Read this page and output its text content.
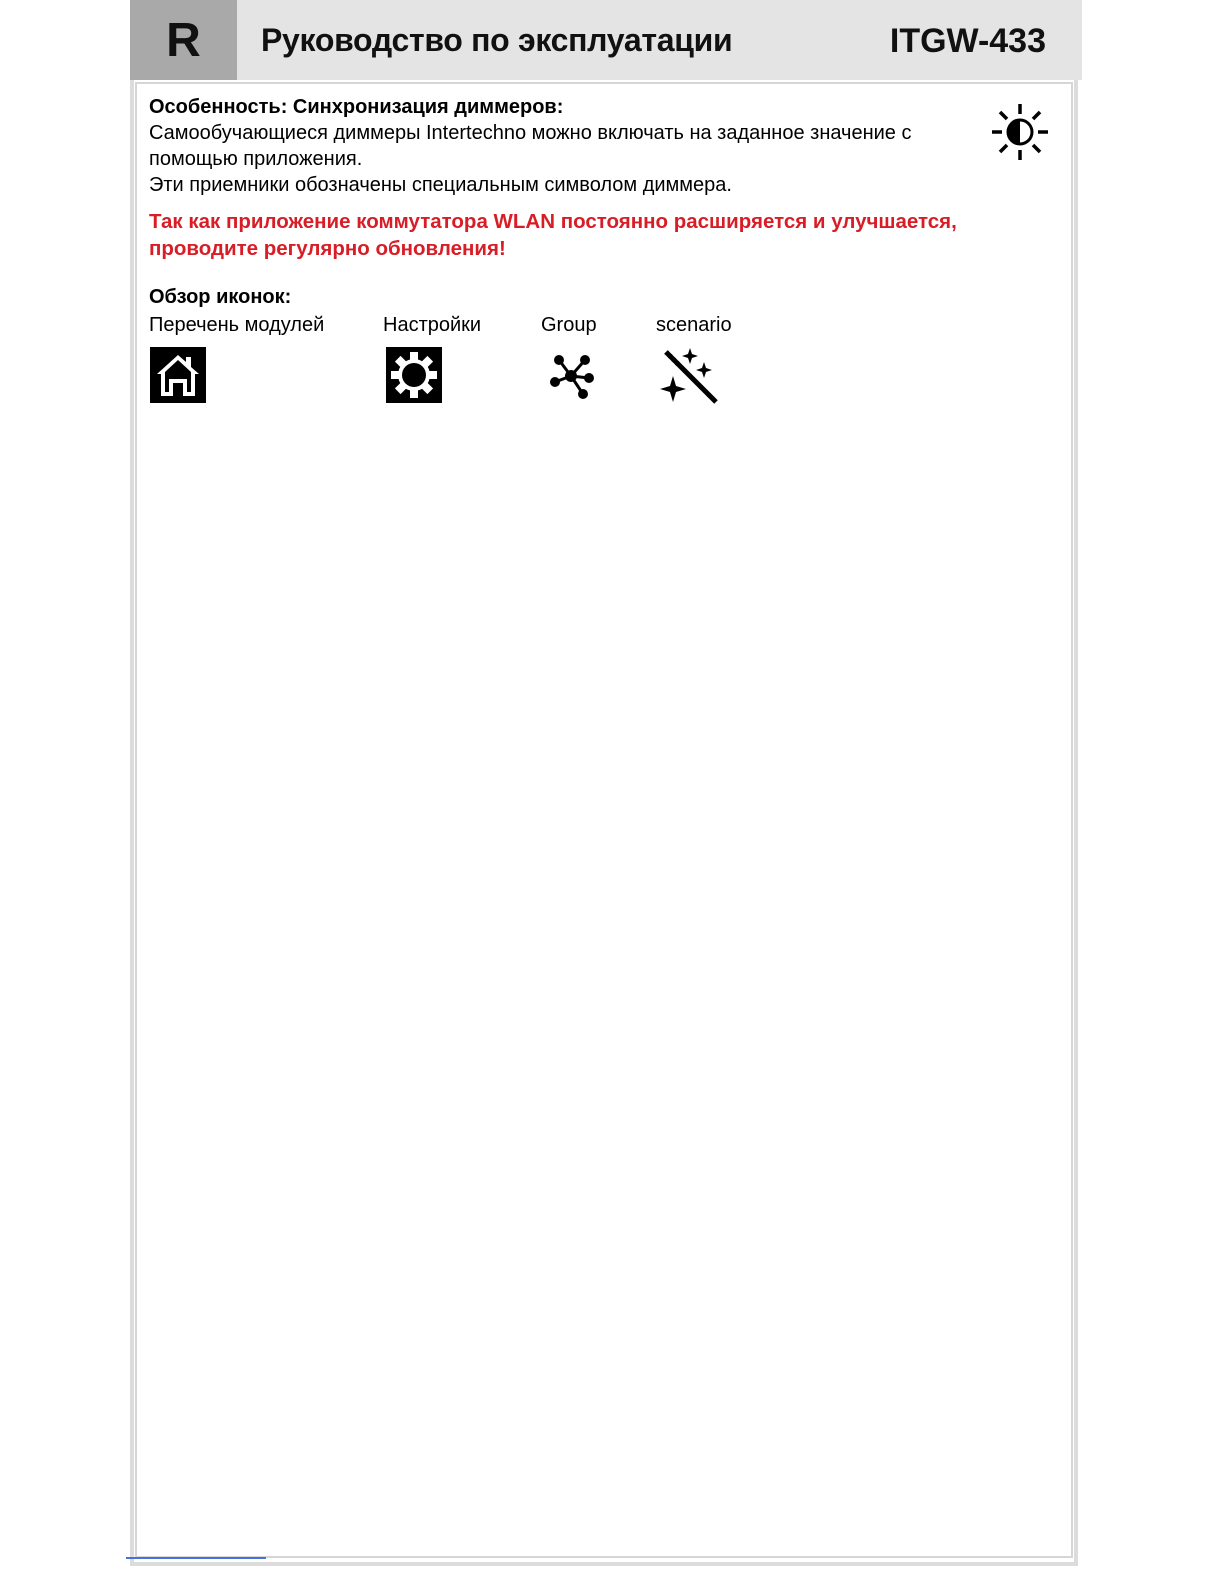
R	Руководство по эксплуатации	ITGW-433
Особенность: Синхронизация диммеров:
Самообучающиеся диммеры Intertechno можно включать на заданное значение с помощью приложения.
Эти приемники обозначены специальным символом диммера.
Так как приложение коммутатора WLAN постоянно расширяется и улучшается, проводите регулярно обновления!
Обзор иконок:
Перечень модулей	Настройки	Group	scenario
